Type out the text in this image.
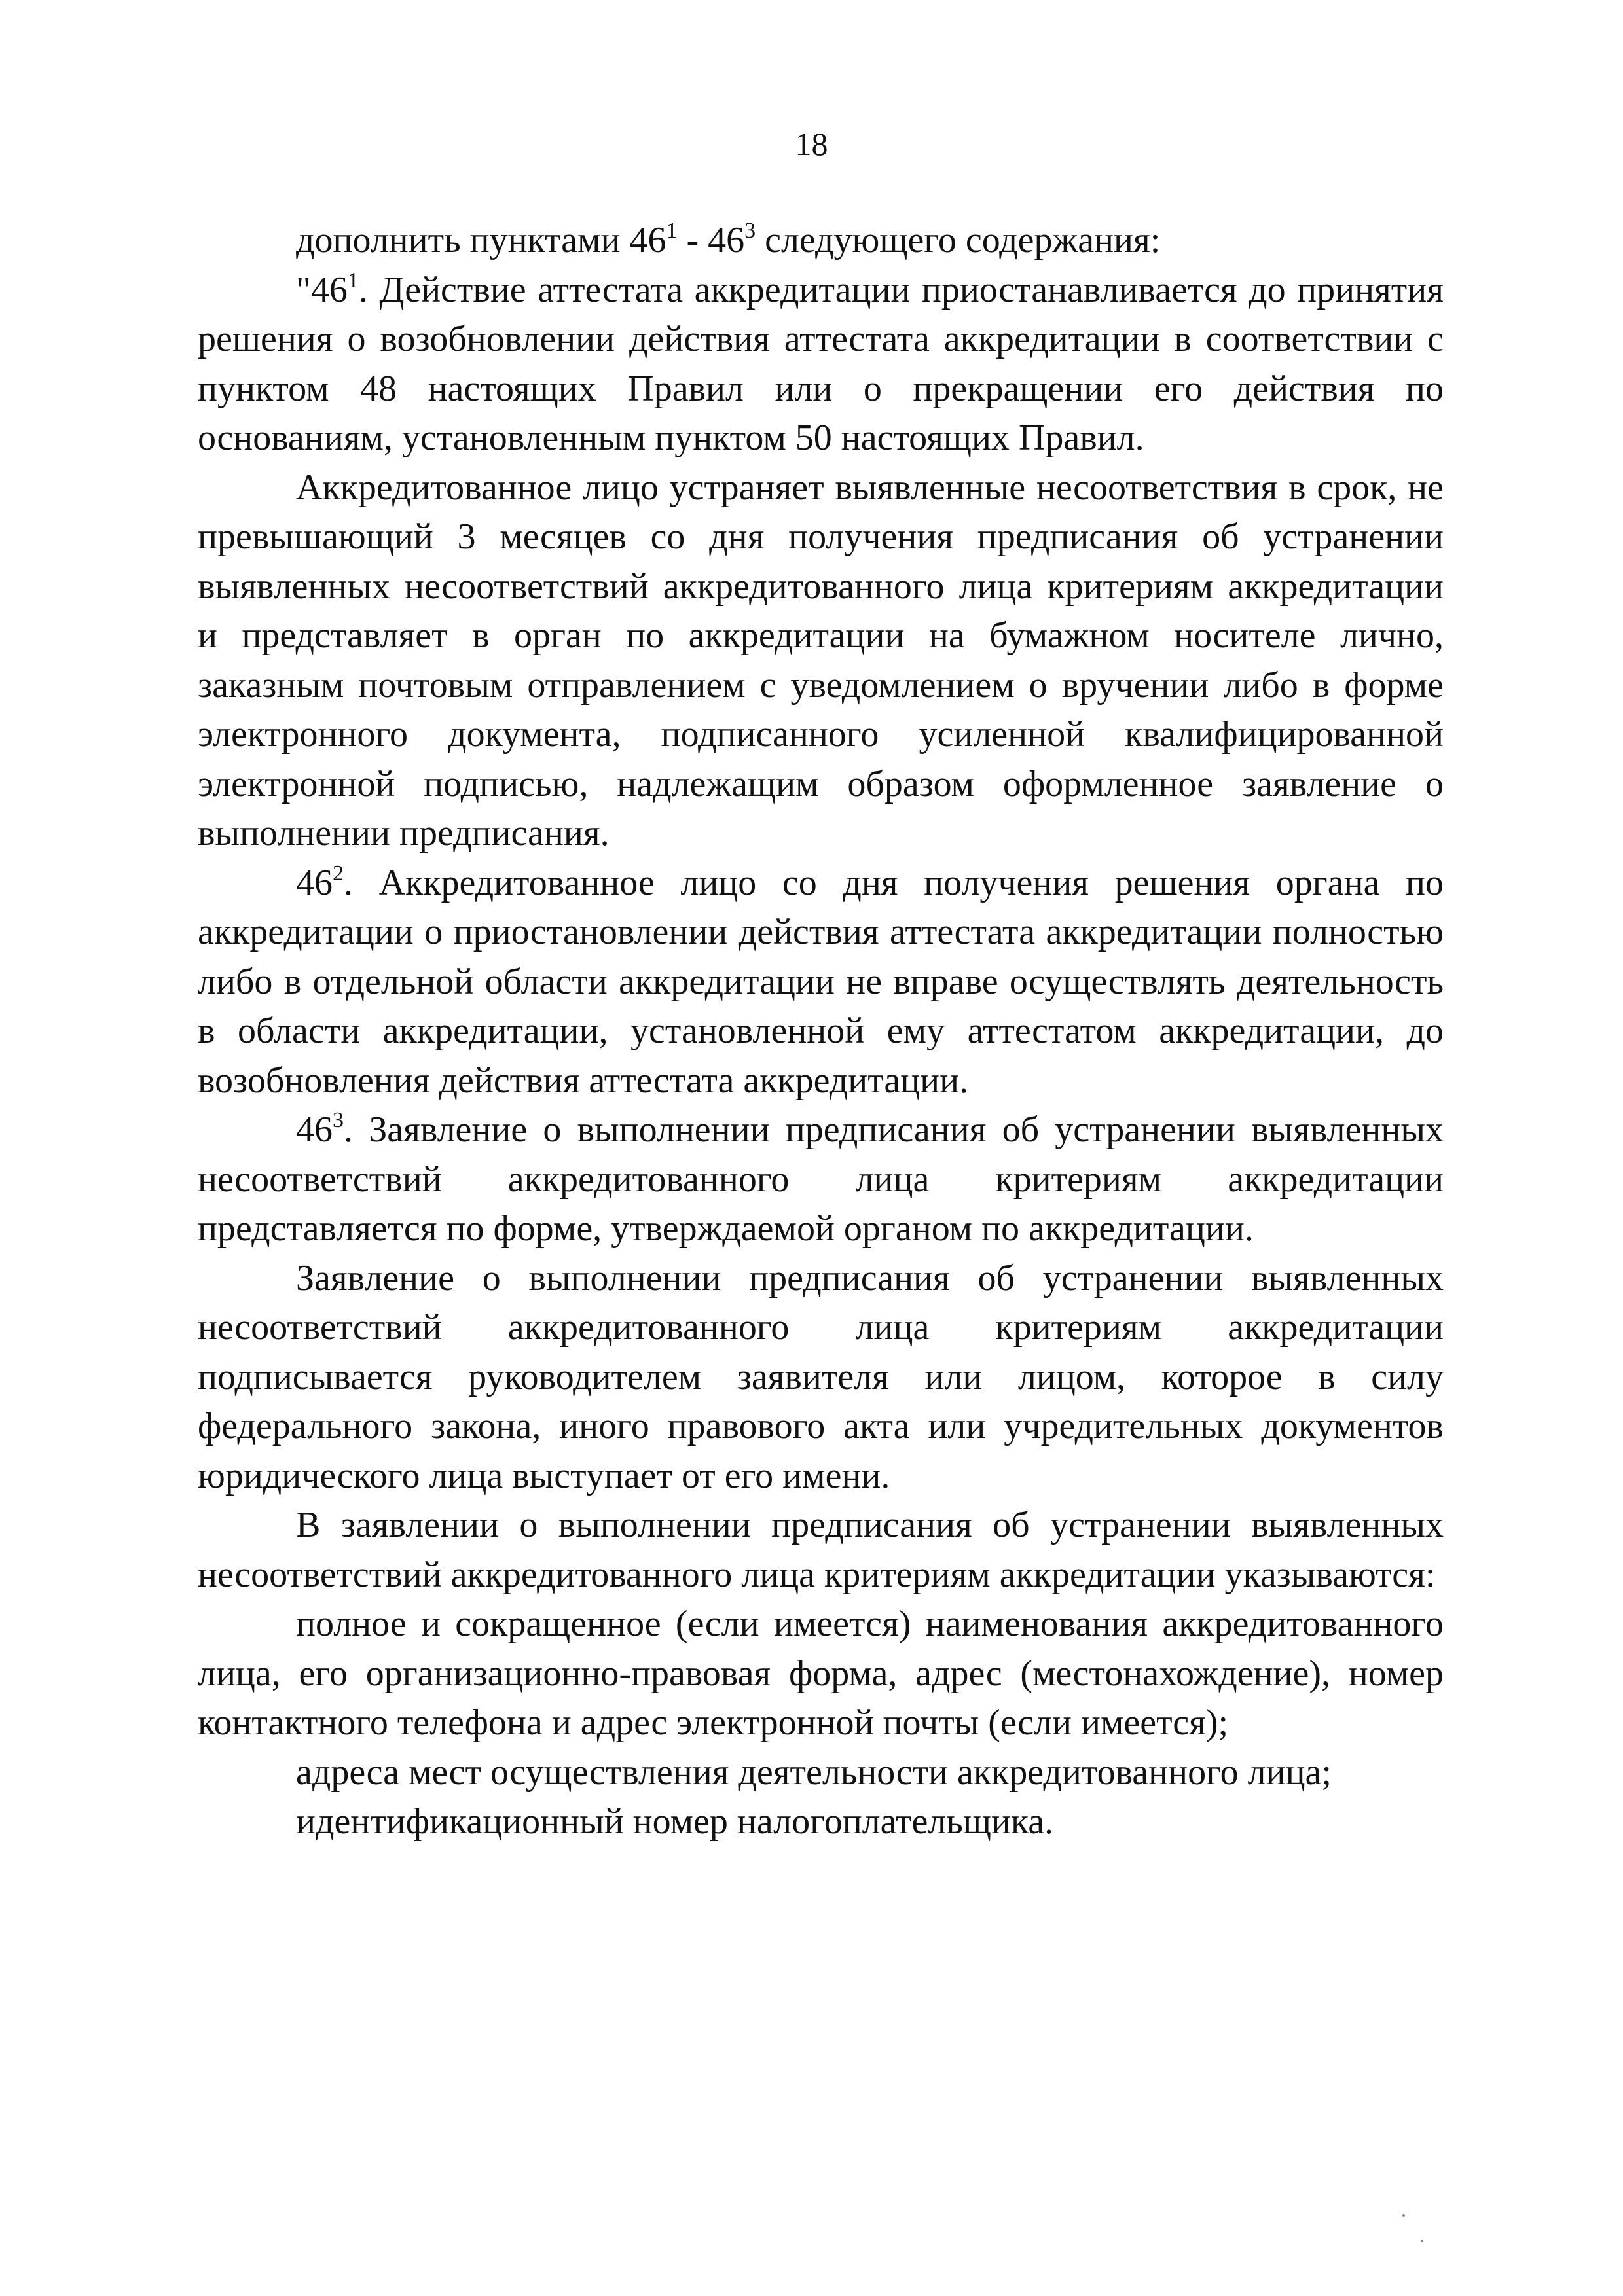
18

дополнить пунктами $46^1 - 46^3$ следующего содержания:

"$46^1$. Действие аттестата аккредитации приостанавливается до принятия решения о возобновлении действия аттестата аккредитации в соответствии с пунктом 48 настоящих Правил или о прекращении его действия по основаниям, установленным пунктом 50 настоящих Правил.

Аккредитованное лицо устраняет выявленные несоответствия в срок, не превышающий 3 месяцев со дня получения предписания об устранении выявленных несоответствий аккредитованного лица критериям аккредитации и представляет в орган по аккредитации на бумажном носителе лично, заказным почтовым отправлением с уведомлением о вручении либо в форме электронного документа, подписанного усиленной квалифицированной электронной подписью, надлежащим образом оформленное заявление о выполнении предписания.

$46^2$. Аккредитованное лицо со дня получения решения органа по аккредитации о приостановлении действия аттестата аккредитации полностью либо в отдельной области аккредитации не вправе осуществлять деятельность в области аккредитации, установленной ему аттестатом аккредитации, до возобновления действия аттестата аккредитации.

$46^3$. Заявление о выполнении предписания об устранении выявленных несоответствий аккредитованного лица критериям аккредитации представляется по форме, утверждаемой органом по аккредитации.

Заявление о выполнении предписания об устранении выявленных несоответствий аккредитованного лица критериям аккредитации подписывается руководителем заявителя или лицом, которое в силу федерального закона, иного правового акта или учредительных документов юридического лица выступает от его имени.

В заявлении о выполнении предписания об устранении выявленных несоответствий аккредитованного лица критериям аккредитации указываются:

полное и сокращенное (если имеется) наименования аккредитованного лица, его организационно-правовая форма, адрес (местонахождение), номер контактного телефона и адрес электронной почты (если имеется);

адреса мест осуществления деятельности аккредитованного лица;

идентификационный номер налогоплательщика.
